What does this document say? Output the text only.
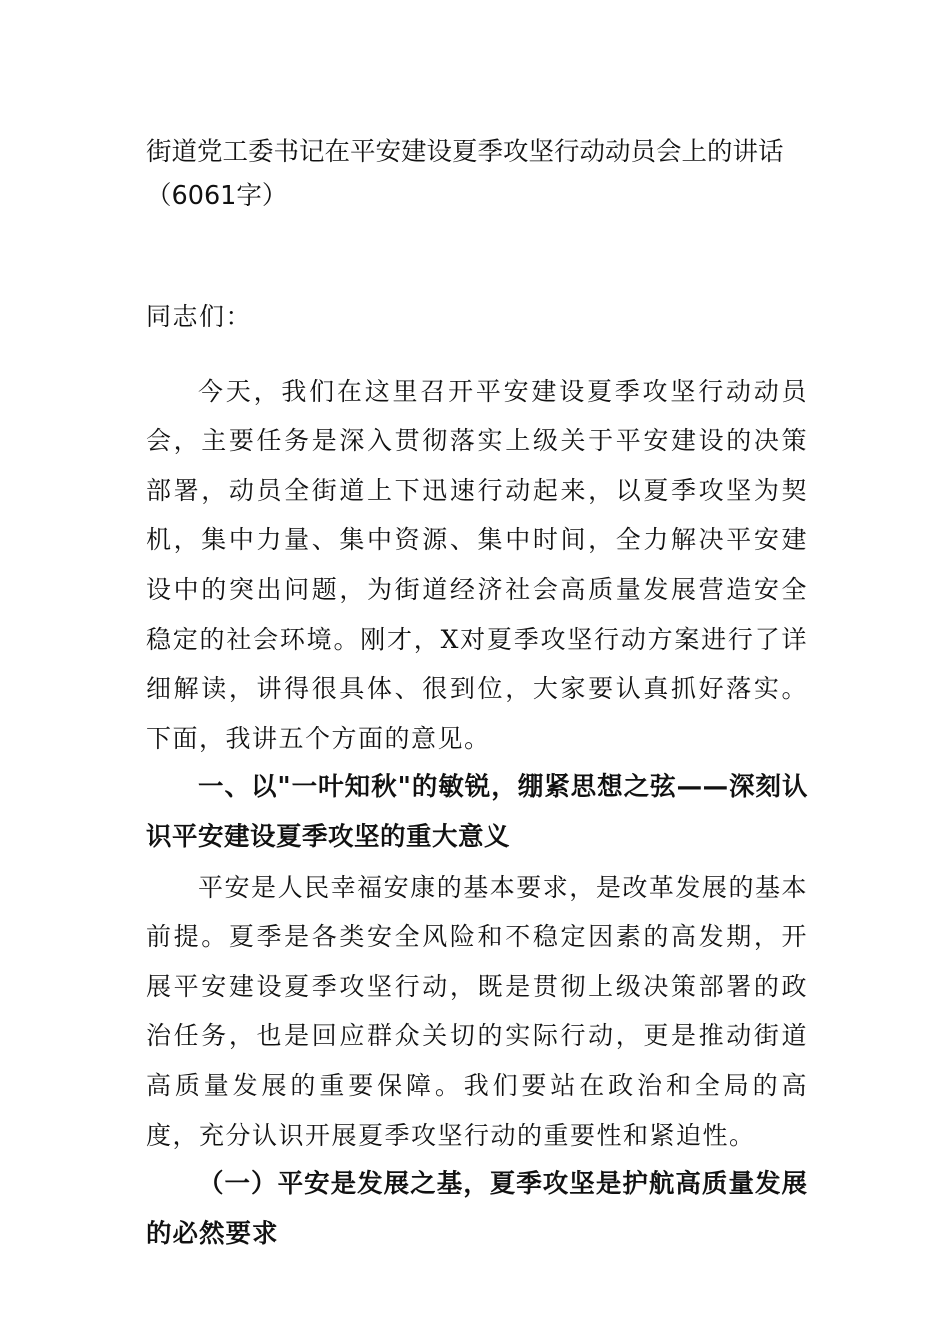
街道党工委书记在平安建设夏季攻坚行动动员会上的讲话
（6061字）

同志们：

今天，我们在这里召开平安建设夏季攻坚行动动员会，主要任务是深入贯彻落实上级关于平安建设的决策部署，动员全街道上下迅速行动起来，以夏季攻坚为契机，集中力量、集中资源、集中时间，全力解决平安建设中的突出问题，为街道经济社会高质量发展营造安全稳定的社会环境。刚才，X对夏季攻坚行动方案进行了详细解读，讲得很具体、很到位，大家要认真抓好落实。下面，我讲五个方面的意见。

一、以"一叶知秋"的敏锐，绷紧思想之弦——深刻认识平安建设夏季攻坚的重大意义

平安是人民幸福安康的基本要求，是改革发展的基本前提。夏季是各类安全风险和不稳定因素的高发期，开展平安建设夏季攻坚行动，既是贯彻上级决策部署的政治任务，也是回应群众关切的实际行动，更是推动街道高质量发展的重要保障。我们要站在政治和全局的高度，充分认识开展夏季攻坚行动的重要性和紧迫性。

（一）平安是发展之基，夏季攻坚是护航高质量发展的必然要求
